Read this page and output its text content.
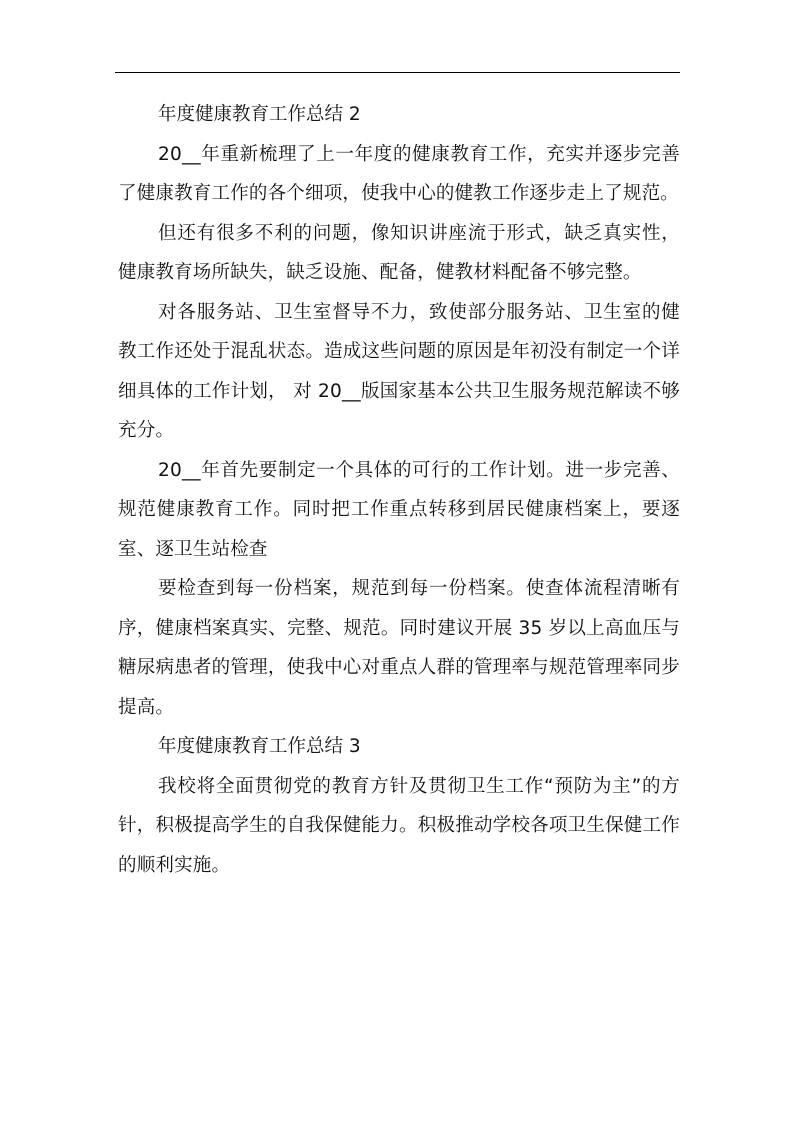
年度健康教育工作总结 2

20__年重新梳理了上一年度的健康教育工作，充实并逐步完善了健康教育工作的各个细项，使我中心的健教工作逐步走上了规范。

但还有很多不利的问题，像知识讲座流于形式，缺乏真实性，健康教育场所缺失，缺乏设施、配备，健教材料配备不够完整。

对各服务站、卫生室督导不力，致使部分服务站、卫生室的健教工作还处于混乱状态。造成这些问题的原因是年初没有制定一个详细具体的工作计划， 对 20__版国家基本公共卫生服务规范解读不够充分。

20__年首先要制定一个具体的可行的工作计划。进一步完善、规范健康教育工作。同时把工作重点转移到居民健康档案上，要逐室、逐卫生站检查

要检查到每一份档案，规范到每一份档案。使查体流程清晰有序，健康档案真实、完整、规范。同时建议开展 35 岁以上高血压与糖尿病患者的管理，使我中心对重点人群的管理率与规范管理率同步提高。

年度健康教育工作总结 3

我校将全面贯彻党的教育方针及贯彻卫生工作“预防为主”的方针，积极提高学生的自我保健能力。积极推动学校各项卫生保健工作的顺利实施。
